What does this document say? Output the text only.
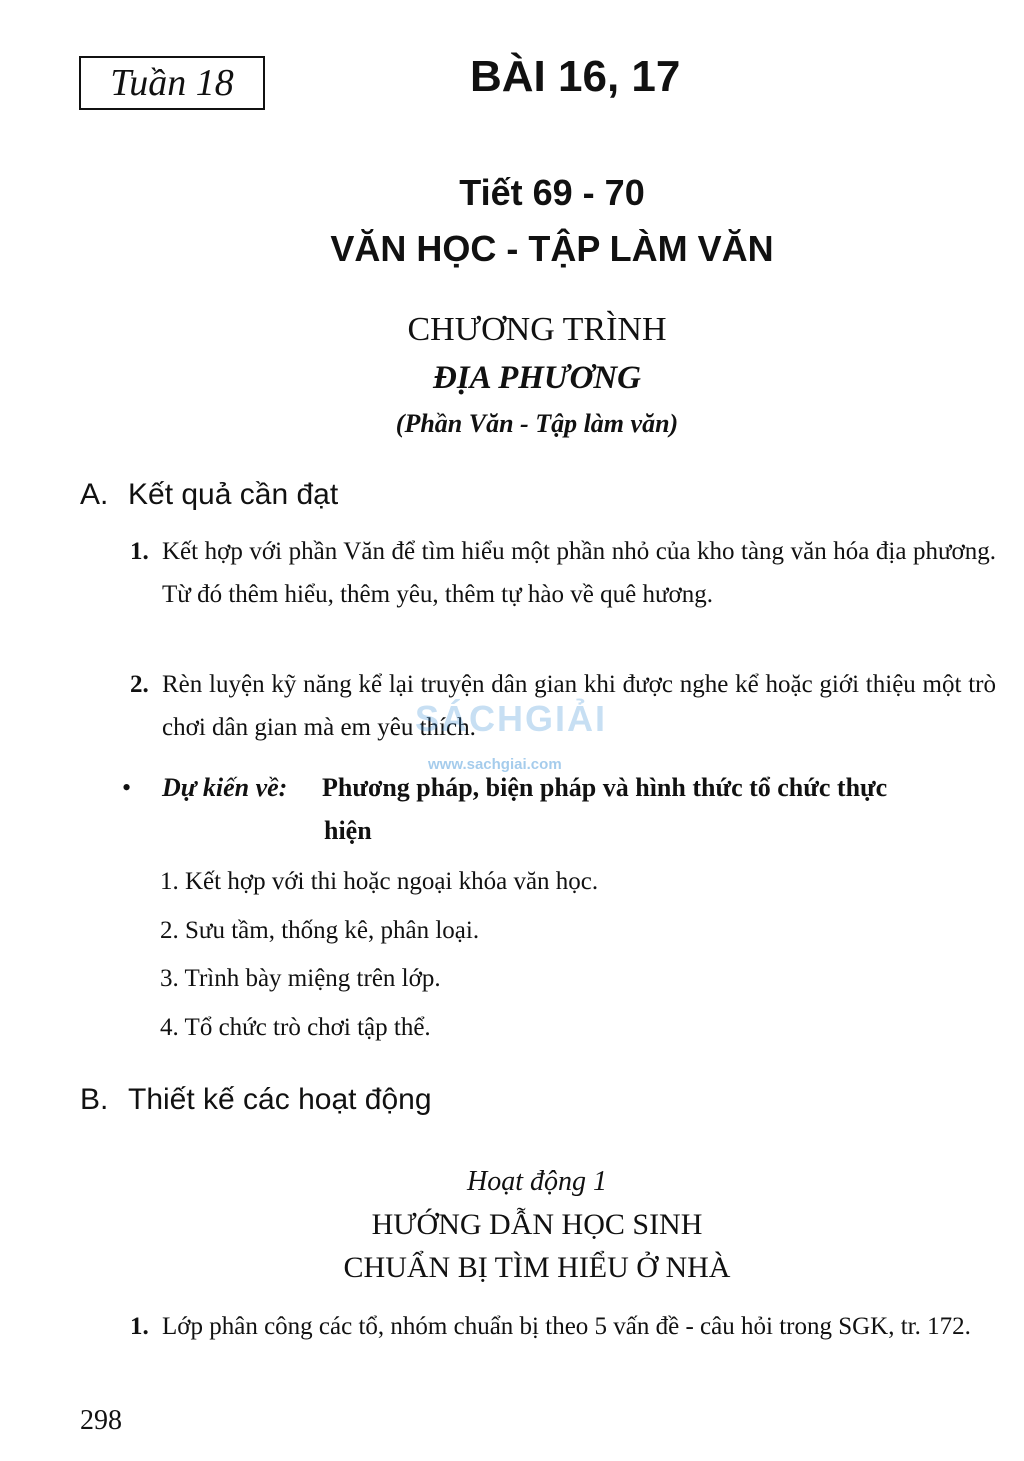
Tuần 18	BÀI 16, 17
Tiết 69 - 70
VĂN HỌC - TẬP LÀM VĂN
CHƯƠNG TRÌNH
ĐỊA PHƯƠNG
(Phần Văn - Tập làm văn)
A. Kết quả cần đạt
1. Kết hợp với phần Văn để tìm hiểu một phần nhỏ của kho tàng văn hóa địa phương. Từ đó thêm hiểu, thêm yêu, thêm tự hào về quê hương.
2. Rèn luyện kỹ năng kể lại truyện dân gian khi được nghe kể hoặc giới thiệu một trò chơi dân gian mà em yêu thích.
• Dự kiến về:	Phương pháp, biện pháp và hình thức tổ chức thực
hiện
1. Kết hợp với thi hoặc ngoại khóa văn học.
2. Sưu tầm, thống kê, phân loại.
3. Trình bày miệng trên lớp.
4. Tổ chức trò chơi tập thể.
B. Thiết kế các hoạt động
Hoạt động 1
HƯỚNG DẪN HỌC SINH
CHUẨN BỊ TÌM HIỂU Ở NHÀ
1. Lớp phân công các tổ, nhóm chuẩn bị theo 5 vấn đề - câu hỏi trong SGK, tr. 172.
SÁCHGIẢI
www.sachgiai.com
298
